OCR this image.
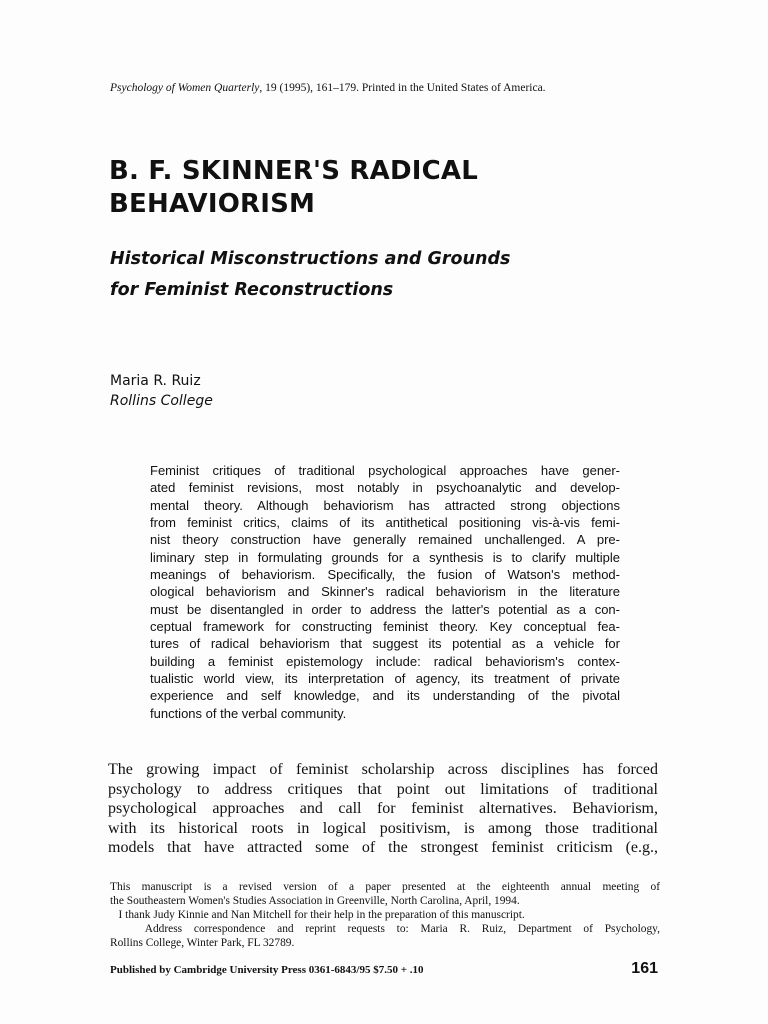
Psychology of Women Quarterly, 19 (1995), 161–179. Printed in the United States of America.
B. F. SKINNER'S RADICAL
BEHAVIORISM
Historical Misconstructions and Grounds
for Feminist Reconstructions
Maria R. Ruiz
Rollins College
Feminist critiques of traditional psychological approaches have gener-
ated feminist revisions, most notably in psychoanalytic and develop-
mental theory. Although behaviorism has attracted strong objections
from feminist critics, claims of its antithetical positioning vis-à-vis femi-
nist theory construction have generally remained unchallenged. A pre-
liminary step in formulating grounds for a synthesis is to clarify multiple
meanings of behaviorism. Specifically, the fusion of Watson's method-
ological behaviorism and Skinner's radical behaviorism in the literature
must be disentangled in order to address the latter's potential as a con-
ceptual framework for constructing feminist theory. Key conceptual fea-
tures of radical behaviorism that suggest its potential as a vehicle for
building a feminist epistemology include: radical behaviorism's contex-
tualistic world view, its interpretation of agency, its treatment of private
experience and self knowledge, and its understanding of the pivotal
functions of the verbal community.
The growing impact of feminist scholarship across disciplines has forced
psychology to address critiques that point out limitations of traditional
psychological approaches and call for feminist alternatives. Behaviorism,
with its historical roots in logical positivism, is among those traditional
models that have attracted some of the strongest feminist criticism (e.g.,
This manuscript is a revised version of a paper presented at the eighteenth annual meeting of
the Southeastern Women's Studies Association in Greenville, North Carolina, April, 1994.
I thank Judy Kinnie and Nan Mitchell for their help in the preparation of this manuscript.
Address correspondence and reprint requests to: Maria R. Ruiz, Department of Psychology,
Rollins College, Winter Park, FL 32789.
Published by Cambridge University Press 0361-6843/95 $7.50 + .10	161
